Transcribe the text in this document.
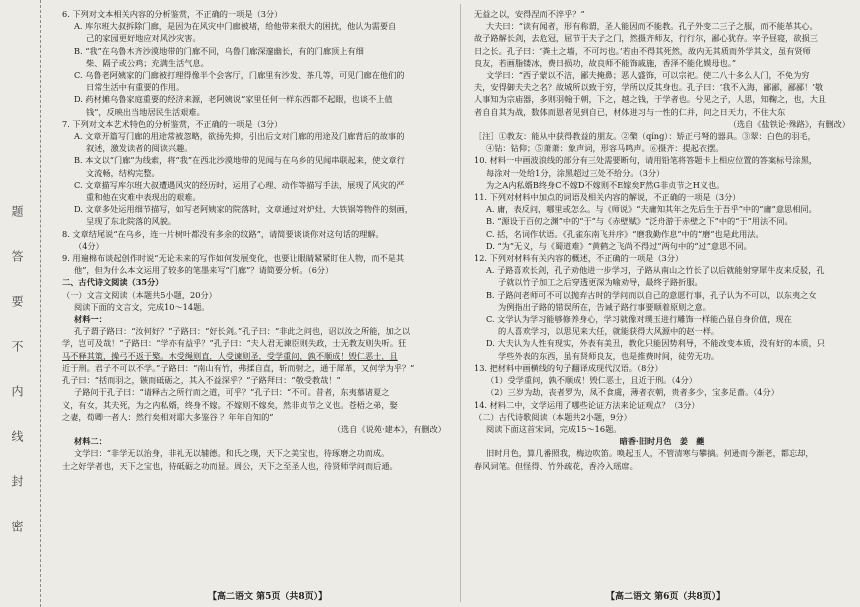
题
答
要
不
内
线
封
密

6. 下列对文本相关内容的分析鉴赏，不正确的一项是（3分）

A. 库尔班大叔拆除门廊，是因为在风灾中门廊被堵，给他带来很大的困扰，他认为需要自

己的家园更好地应对风沙灾害。

B. “我”在乌鲁木齐沙漠地带的门廊不同，乌鲁门廊深邃幽长，有的门廊顶上有细

柴、隔子或公鸡；充满生活气息。

C. 乌鲁老阿姨家的门廊被打理得像半个会客厅，门廊里有沙发、茶几等，可见门廊在他们的

日常生活中有重要的作用。

D. 药材摊乌鲁家庭重要的经济来源，老阿姨说“家里任何一样东西都不起眼，也谈不上值

钱”，反映出当地居民生活艰难。

7. 下列对文本艺术特色的分析鉴赏，不正确的一项是（3分）

A. 文章开篇写门廊的用途常被忽略，欲扬先抑，引出后文对门廊的用途及门廊背后的故事的

叙述，激发读者的阅读兴趣。

B. 本文以“门廊”为线索，将“我”在西北沙漠地带的见闻与在乌乡的见闻串联起来，使文章行

文流畅，结构完整。

C. 文章描写库尔班大叔遭遇风灾的经历时，运用了心理、动作等描写手法，展现了风灾的严

重和他在灾难中表现出的艰难。

D. 文章多处运用细节描写，如写老阿姨家的院落时，文章通过对炉灶、大铁锅等物件的刻画，

呈现了东北院落的风貌。

8. 文章结尾说“在乌乡，连一片树叶都没有多余的纹路”，请简要谈谈你对这句话的理解。

（4分）

9. 用遍棉布谈起创作时说“无论未来的写作如何发展变化，也要让眼睛紧紧盯住人物，而不是其

他”，但为什么本文运用了较多的笔墨来写“门廊”？请简要分析。（6分）

二、古代诗文阅读（35分）

（一）文言文阅读（本题共5小题，20分）

阅读下面的文言文，完成10～14题。

材料一：

孔子谓子路曰：“汝何好？”子路曰：“好长剑。”孔子曰：“非此之问也，诏以汝之所能，加之以

学，岂可及哉！”子路曰：“学亦有益乎？”孔子曰：“夫人君无谏臣则失政，士无教友则失听。狂

马不释其策，操弓不返于檠。木受绳则直，人受谏则圣，受学重问，孰不顺成！毁仁恶士，且

近于刑。君子不可以不学。”子路曰：“南山有竹，弗揉自直，斩而射之，通于犀革，又何学为乎？”

孔子曰：“括而羽之，镞而砥砺之，其入不益深乎？”子路拜曰：“敬受教哉！”

子路问于孔子曰：“请释古之所行而之道，可乎？”孔子曰：“不可。昔者，东夷慕诸夏之

义，有女，其夫死，为之内私婿，终身不嫁。不嫁则不嫁矣，然非贞节之义也。苍梧之弟，娶

之妻，荀卿一者人：然行矣相对耶大多鉴谷 ？年年自知的”

（选自《说苑·建本》，有删改）

材料二：

文学曰：“非学无以治身，非礼无以辅德。和氏之璞，天下之美宝也，待琢磨之功而成。

士之好学者也，天下之宝也，待砥砺之功而显。周公，天下之至圣人也，待贤师学问而后通。

无益之以，安得涅而不淬乎？”

大夫曰：“读有闻者，形有称谓，圣人能因而不能教。孔子外变二三子之服，而不能革其心。

故子路解长剑，去危冠，屈节于夫子之门，然摄齐师友，行行尔，鄙心犹存。宰予昼寝，欲损三

日之长。孔子曰：‘粪土之墙，不可圬也。’若由不得其死然，故内无其质而外学其文，虽有贤师

良友，若画脂镂冰，费日损功，故良师不能饰戚施，香泽不能化嫫母也。”

文学曰：“西子蒙以不洁，鄙夫掩鼻；恶人盛饰，可以宗祀。使二八十多么人门，不免为穷

夫，安得御夫夫之名？故城所以致于穷，学所以反其身也。孔子曰：‘我不入海，鄙鄙，鄙鄙！’敬

人事知为宗庙器，多则羽翰于朝，下之，越之钱，于学者也。兮见之子，人思，知鞠之，也，大且

者自自其为战，数体而恩者见到自已，材体进习与一性的仁并，问之日天力，不住大东

（选自《盐铁论·殊路》，有删改）

［注］①教友：能从中获得教益的朋友。②檠（qíng）：矫正弓弩的器具。③翠：白色的羽毛，

④钻：钻仰；⑤萧萧：象声词，形容马鸣声。⑥摄齐：提起衣摆。

10. 材料一中画波浪线的部分有三处需要断句，请用铅笔将答题卡上相应位置的答案标号涂黑，

每涂对一处给1分，涂黑超过三处不给分。（3分）

为之A内私婿B终身C不嫁D不嫁则不E嫁矣F然G非贞节之H义也。

11. 下列对材料中加点的词语及相关内容的解说，不正确的一项是（3分）

A. 庸，表反问，哪里或怎么。与《师说》“夫庸知其年之先后生于吾乎”中的“庸”意思相同。

B. “源设于百仞之渊”中的“于”与《赤壁赋》“泛舟游于赤壁之下”中的“于”用法不同。

C. 括，名词作状语。《孔雀东南飞并序》“磨我勤作息”中的“磨”也是此用法。

D. “为”无义，与《蜀道难》“黄鹤之飞尚不得过”两句中的“过”意思不同。

12. 下列对材料有关内容的概述，不正确的一项是（3分）

A. 子路喜欢长剑，孔子劝他进一步学习，子路从南山之竹长了以后就能射穿犀牛皮来反驳，孔

子就以竹子加工之后穿透更深为喻劝导，最终子路折服。

B. 子路问老师可不可以抛弃古时的学问而以自己的意愿行事，孔子认为不可以，以东夷之女

为例指出子路的错误所在，告诫子路行事要顺着原则之意。

C. 文学认为学习能够修养身心，学习就像对璞玉进行雕饰一样能凸显自身价值，现在

的人喜欢学习，以思见来大任，就能获得大风源中的赵一样。

D. 大夫认为人性有现实，外表有美丑，教化只能因势利导，不能改变本质，没有好的本质，只

学些外表的东西，虽有贤师良友，也是推费时间，徒劳无功。

13. 把材料中画横线的句子翻译成现代汉语。（8分）

（1）受学重问，孰不顺成！毁仁恶士，且近于刑。（4分）

（2）三岁为劫，丧者罗为，凤不食虞，薄者衣朝，贵者多少，宝多足嗇。（4分）

14. 材料二中，文学运用了哪些论证方法来论证观点？（3分）

（二）古代诗歌阅读（本题共2小题，9分）

阅读下面这首宋词，完成15～16题。

暗香·旧时月色　姜　夔

旧时月色，算几番照我，梅边吹笛。唤起玉人，不管清寒与攀摘。何逊而今渐老，都忘却，

春风词笔。但怪得、竹外疏花，香冷入瑶席。

【高二语文 第5页（共8页）】	【高二语文 第6页（共8页）】
